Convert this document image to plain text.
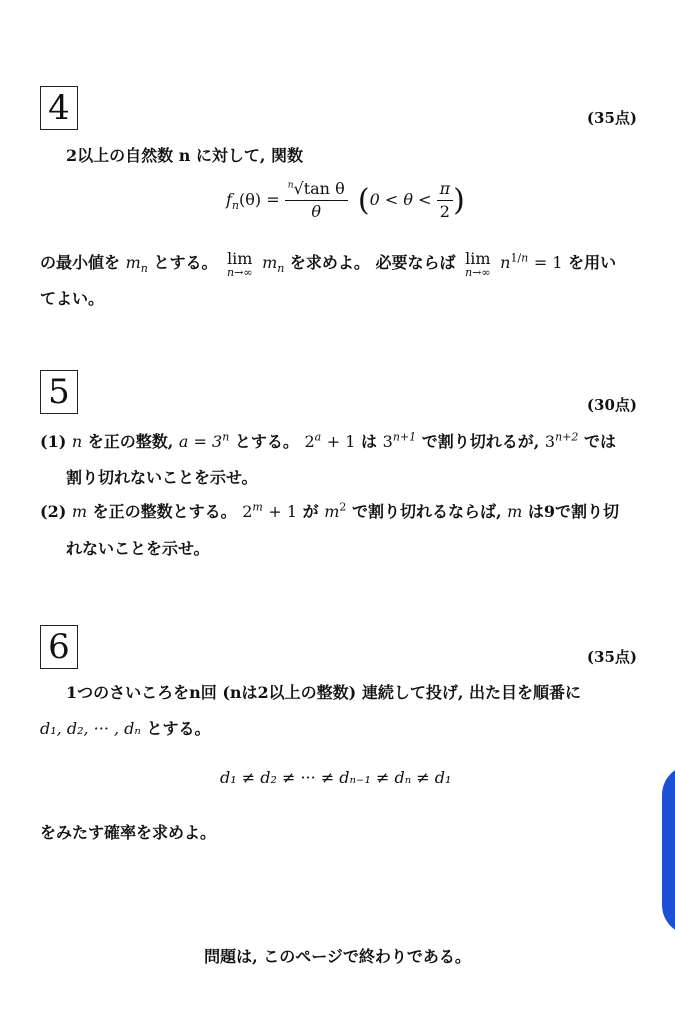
4	(35点)
2以上の自然数 n に対して, 関数
$f_n(\theta) = \frac{^n√\tan \theta}{\theta} (0 < \theta < \frac{\pi}{2}$ )
の最小値を $m_n$ とする。 lim
n→∞
$m_n$ を求めよ。 必要ならば lim
n→∞
$n^{1/n} = 1$ を用い
てよい。
5	(30点)
(1) n を正の整数, $a = 3^n$ とする。 $2^a + 1$ は $3^{n+1}$ で割り切れるが, $3^{n+2}$ では
割り切れないことを示せ。
(2) m を正の整数とする。 $2^m + 1$ が $m^2$ で割り切れるならば, m は9で割り切
れないことを示せ。
6	(35点)
1つのさいころをn回 (nは2以上の整数) 連続して投げ, 出た目を順番に
d₁, d₂, ··· , dₙ とする。
d₁ ≠ d₂ ≠ ··· ≠ dₙ₋₁ ≠ dₙ ≠ d₁
をみたす確率を求めよ。
問題は, このページで終わりである。
